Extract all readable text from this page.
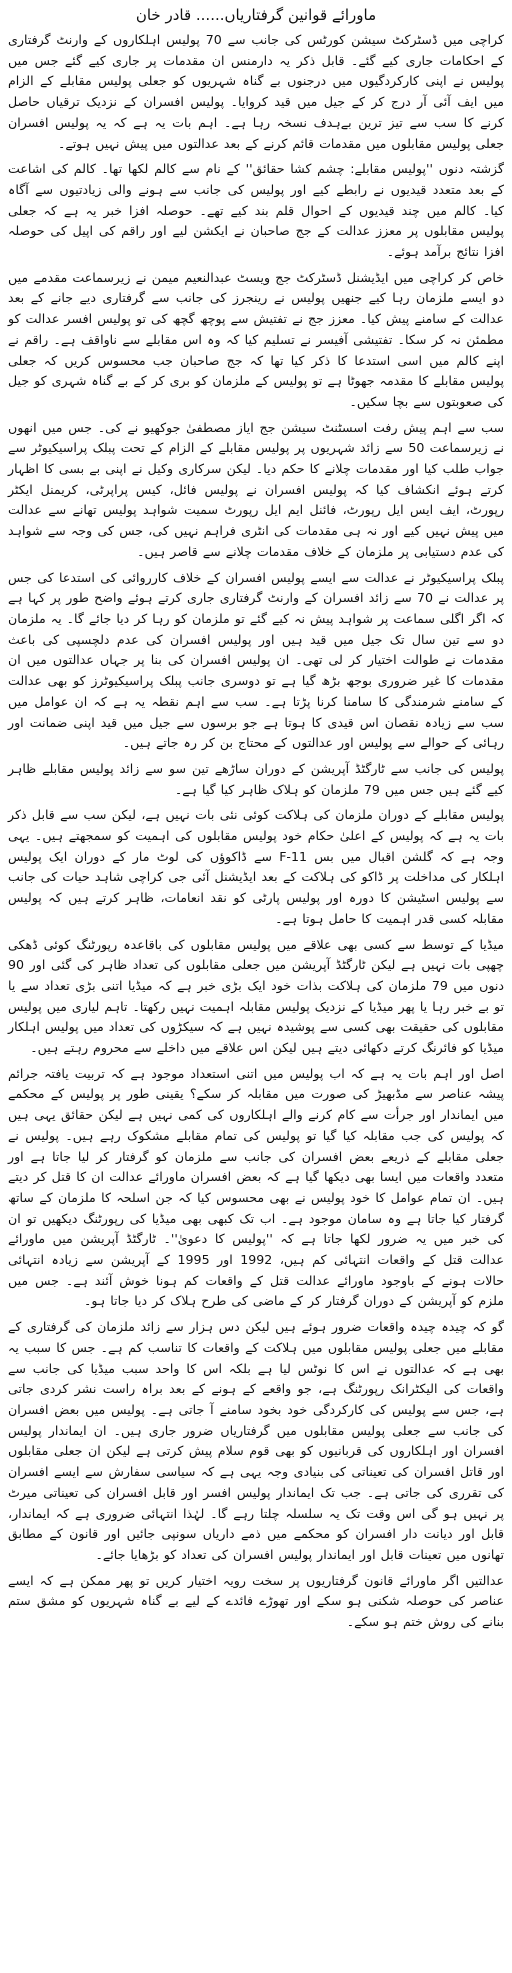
ماورائے قوانین گرفتاریاں...... قادر خان

کراچی میں ڈسٹرکٹ سیشن کورٹس کی جانب سے 70 پولیس اہلکاروں کے وارنٹ گرفتاری کے احکامات جاری کیے گئے۔ قابل ذکر یہ دارمنس ان مقدمات پر جاری کیے گئے جس میں پولیس نے اپنی کارکردگیوں میں درجنوں بے گناہ شہریوں کو جعلی پولیس مقابلے کے الزام میں ایف آئی آر درج کر کے جیل میں قید کروایا۔ پولیس افسران کے نزدیک ترقیاں حاصل کرنے کا سب سے تیز ترین بےہدف نسخہ رہا ہے۔ اہم بات یہ ہے کہ یہ پولیس افسران جعلی پولیس مقابلوں میں مقدمات قائم کرنے کے بعد عدالتوں میں پیش نہیں ہوتے۔

گزشتہ دنوں ''پولیس مقابلے: چشم کشا حقائق'' کے نام سے کالم لکھا تھا۔ کالم کی اشاعت کے بعد متعدد قیدیوں نے رابطے کیے اور پولیس کی جانب سے ہونے والی زیادتیوں سے آگاہ کیا۔ کالم میں چند قیدیوں کے احوال قلم بند کیے تھے۔ حوصلہ افزا خبر یہ ہے کہ جعلی پولیس مقابلوں پر معزز عدالت کے جج صاحبان نے ایکشن لیے اور راقم کی اپیل کی حوصلہ افزا نتائج برآمد ہوئے۔

خاص کر کراچی میں ایڈیشنل ڈسٹرکٹ جج ویسٹ عبدالنعیم میمن نے زیرسماعت مقدمے میں دو ایسے ملزمان رہا کیے جنھیں پولیس نے رینجرز کی جانب سے گرفتاری دیے جانے کے بعد عدالت کے سامنے پیش کیا۔ معزز جج نے تفتیش سے پوچھ گچھ کی تو پولیس افسر عدالت کو مطمئن نہ کر سکا۔ تفتیشی آفیسر نے تسلیم کیا کہ وہ اس مقابلے سے ناواقف ہے۔ راقم نے اپنے کالم میں اسی استدعا کا ذکر کیا تھا کہ جج صاحبان جب محسوس کریں کہ جعلی پولیس مقابلے کا مقدمہ جھوٹا ہے تو پولیس کے ملزمان کو بری کر کے بے گناہ شہری کو جیل کی صعوبتوں سے بچا سکیں۔

سب سے اہم پیش رفت اسسٹنٹ سیشن جج ایاز مصطفیٰ جوکھیو نے کی۔ جس میں انھوں نے زیرسماعت 50 سے زائد شہریوں پر پولیس مقابلے کے الزام کے تحت پبلک پراسیکیوٹر سے جواب طلب کیا اور مقدمات چلانے کا حکم دیا۔ لیکن سرکاری وکیل نے اپنی بے بسی کا اظہار کرتے ہوئے انکشاف کیا کہ پولیس افسران نے پولیس فائل، کیس پراپرٹی، کریمنل ایکٹر رپورٹ، ایف ایس ایل رپورٹ، فائنل ایم ایل رپورٹ سمیت شواہد پولیس تھانے سے عدالت میں پیش نہیں کیے اور نہ ہی مقدمات کی انٹری فراہم نہیں کی، جس کی وجہ سے شواہد کی عدم دستیابی پر ملزمان کے خلاف مقدمات چلانے سے قاصر ہیں۔

پبلک پراسیکیوٹر نے عدالت سے ایسے پولیس افسران کے خلاف کارروائی کی استدعا کی جس پر عدالت نے 70 سے زائد افسران کے وارنٹ گرفتاری جاری کرتے ہوئے واضح طور پر کہا ہے کہ اگر اگلی سماعت پر شواہد پیش نہ کیے گئے تو ملزمان کو رہا کر دیا جائے گا۔ یہ ملزمان دو سے تین سال تک جیل میں قید ہیں اور پولیس افسران کی عدم دلچسپی کی باعث مقدمات نے طوالت اختیار کر لی تھی۔ ان پولیس افسران کی بنا پر جہاں عدالتوں میں ان مقدمات کا غیر ضروری بوجھ بڑھ گیا ہے تو دوسری جانب پبلک پراسیکیوٹرز کو بھی عدالت کے سامنے شرمندگی کا سامنا کرنا پڑتا ہے۔ سب سے اہم نقطہ یہ ہے کہ ان عوامل میں سب سے زیادہ نقصان اس قیدی کا ہوتا ہے جو برسوں سے جیل میں قید اپنی ضمانت اور رہائی کے حوالے سے پولیس اور عدالتوں کے محتاج بن کر رہ جاتے ہیں۔

پولیس کی جانب سے ٹارگٹڈ آپریشن کے دوران ساڑھے تین سو سے زائد پولیس مقابلے ظاہر کیے گئے ہیں جس میں 79 ملزمان کو ہلاک ظاہر کیا گیا ہے۔

پولیس مقابلے کے دوران ملزمان کی ہلاکت کوئی نئی بات نہیں ہے، لیکن سب سے قابل ذکر بات یہ ہے کہ پولیس کے اعلیٰ حکام خود پولیس مقابلوں کی اہمیت کو سمجھتے ہیں۔ یہی وجہ ہے کہ گلشن اقبال میں بس F-11 سے ڈاکوؤں کی لوٹ مار کے دوران ایک پولیس اہلکار کی مداخلت پر ڈاکو کی ہلاکت کے بعد ایڈیشنل آئی جی کراچی شاہد حیات کی جانب سے پولیس اسٹیشن کا دورہ اور پولیس پارٹی کو نقد انعامات، ظاہر کرتے ہیں کہ پولیس مقابلہ کسی قدر اہمیت کا حامل ہوتا ہے۔

میڈیا کے توسط سے کسی بھی علاقے میں پولیس مقابلوں کی باقاعدہ رپورٹنگ کوئی ڈھکی چھپی بات نہیں ہے لیکن ٹارگٹڈ آپریشن میں جعلی مقابلوں کی تعداد ظاہر کی گئی اور 90 دنوں میں 79 ملزمان کی ہلاکت بذات خود ایک بڑی خبر ہے کہ میڈیا اتنی بڑی تعداد سے یا تو بے خبر رہا یا پھر میڈیا کے نزدیک پولیس مقابلہ اہمیت نہیں رکھتا۔ تاہم لیاری میں پولیس مقابلوں کی حقیقت بھی کسی سے پوشیدہ نہیں ہے کہ سیکڑوں کی تعداد میں پولیس اہلکار میڈیا کو فائرنگ کرتے دکھائی دیتے ہیں لیکن اس علاقے میں داخلے سے محروم رہتے ہیں۔

اصل اور اہم بات یہ ہے کہ اب پولیس میں اتنی استعداد موجود ہے کہ تربیت یافتہ جرائم پیشہ عناصر سے مڈبھیڑ کی صورت میں مقابلہ کر سکے؟ یقینی طور پر پولیس کے محکمے میں ایماندار اور جرأت سے کام کرنے والے اہلکاروں کی کمی نہیں ہے لیکن حقائق یہی ہیں کہ پولیس کی جب مقابلہ کیا گیا تو پولیس کی تمام مقابلے مشکوک رہے ہیں۔ پولیس نے جعلی مقابلے کے ذریعے بعض افسران کی جانب سے ملزمان کو گرفتار کر لیا جاتا ہے اور متعدد واقعات میں ایسا بھی دیکھا گیا ہے کہ بعض افسران ماورائے عدالت ان کا قتل کر دیتے ہیں۔ ان تمام عوامل کا خود پولیس نے بھی محسوس کیا کہ جن اسلحہ کا ملزمان کے ساتھ گرفتار کیا جاتا ہے وہ سامان موجود ہے۔ اب تک کبھی بھی میڈیا کی رپورٹنگ دیکھیں تو ان کی خبر میں یہ ضرور لکھا جاتا ہے کہ ''پولیس کا دعویٰ''۔ ٹارگٹڈ آپریشن میں ماورائے عدالت قتل کے واقعات انتہائی کم ہیں، 1992 اور 1995 کے آپریشن سے زیادہ انتہائی حالات ہونے کے باوجود ماورائے عدالت قتل کے واقعات کم ہونا خوش آئند ہے۔ جس میں ملزم کو آپریشن کے دوران گرفتار کر کے ماضی کی طرح ہلاک کر دیا جاتا ہو۔

گو کہ چیدہ چیدہ واقعات ضرور ہوئے ہیں لیکن دس ہزار سے زائد ملزمان کی گرفتاری کے مقابلے میں جعلی پولیس مقابلوں میں ہلاکت کے واقعات کا تناسب کم ہے۔ جس کا سبب یہ بھی ہے کہ عدالتوں نے اس کا نوٹس لیا ہے بلکہ اس کا واحد سبب میڈیا کی جانب سے واقعات کی الیکٹرانک رپورٹنگ ہے، جو واقعے کے ہونے کے بعد براہ راست نشر کردی جاتی ہے، جس سے پولیس کی کارکردگی خود بخود سامنے آ جاتی ہے۔ پولیس میں بعض افسران کی جانب سے جعلی پولیس مقابلوں میں گرفتاریاں ضرور جاری ہیں۔ ان ایماندار پولیس افسران اور اہلکاروں کی قربانیوں کو بھی قوم سلام پیش کرتی ہے لیکن ان جعلی مقابلوں اور قاتل افسران کی تعیناتی کی بنیادی وجہ یہی ہے کہ سیاسی سفارش سے ایسے افسران کی تقرری کی جاتی ہے۔ جب تک ایماندار پولیس افسر اور قابل افسران کی تعیناتی میرٹ پر نہیں ہو گی اس وقت تک یہ سلسلہ چلتا رہے گا۔ لہٰذا انتہائی ضروری ہے کہ ایماندار، قابل اور دیانت دار افسران کو محکمے میں ذمے داریاں سونپی جائیں اور قانون کے مطابق تھانوں میں تعینات قابل اور ایماندار پولیس افسران کی تعداد کو بڑھایا جائے۔

عدالتیں اگر ماورائے قانون گرفتاریوں پر سخت رویہ اختیار کریں تو پھر ممکن ہے کہ ایسے عناصر کی حوصلہ شکنی ہو سکے اور تھوڑے فائدے کے لیے بے گناہ شہریوں کو مشق ستم بنانے کی روش ختم ہو سکے۔
